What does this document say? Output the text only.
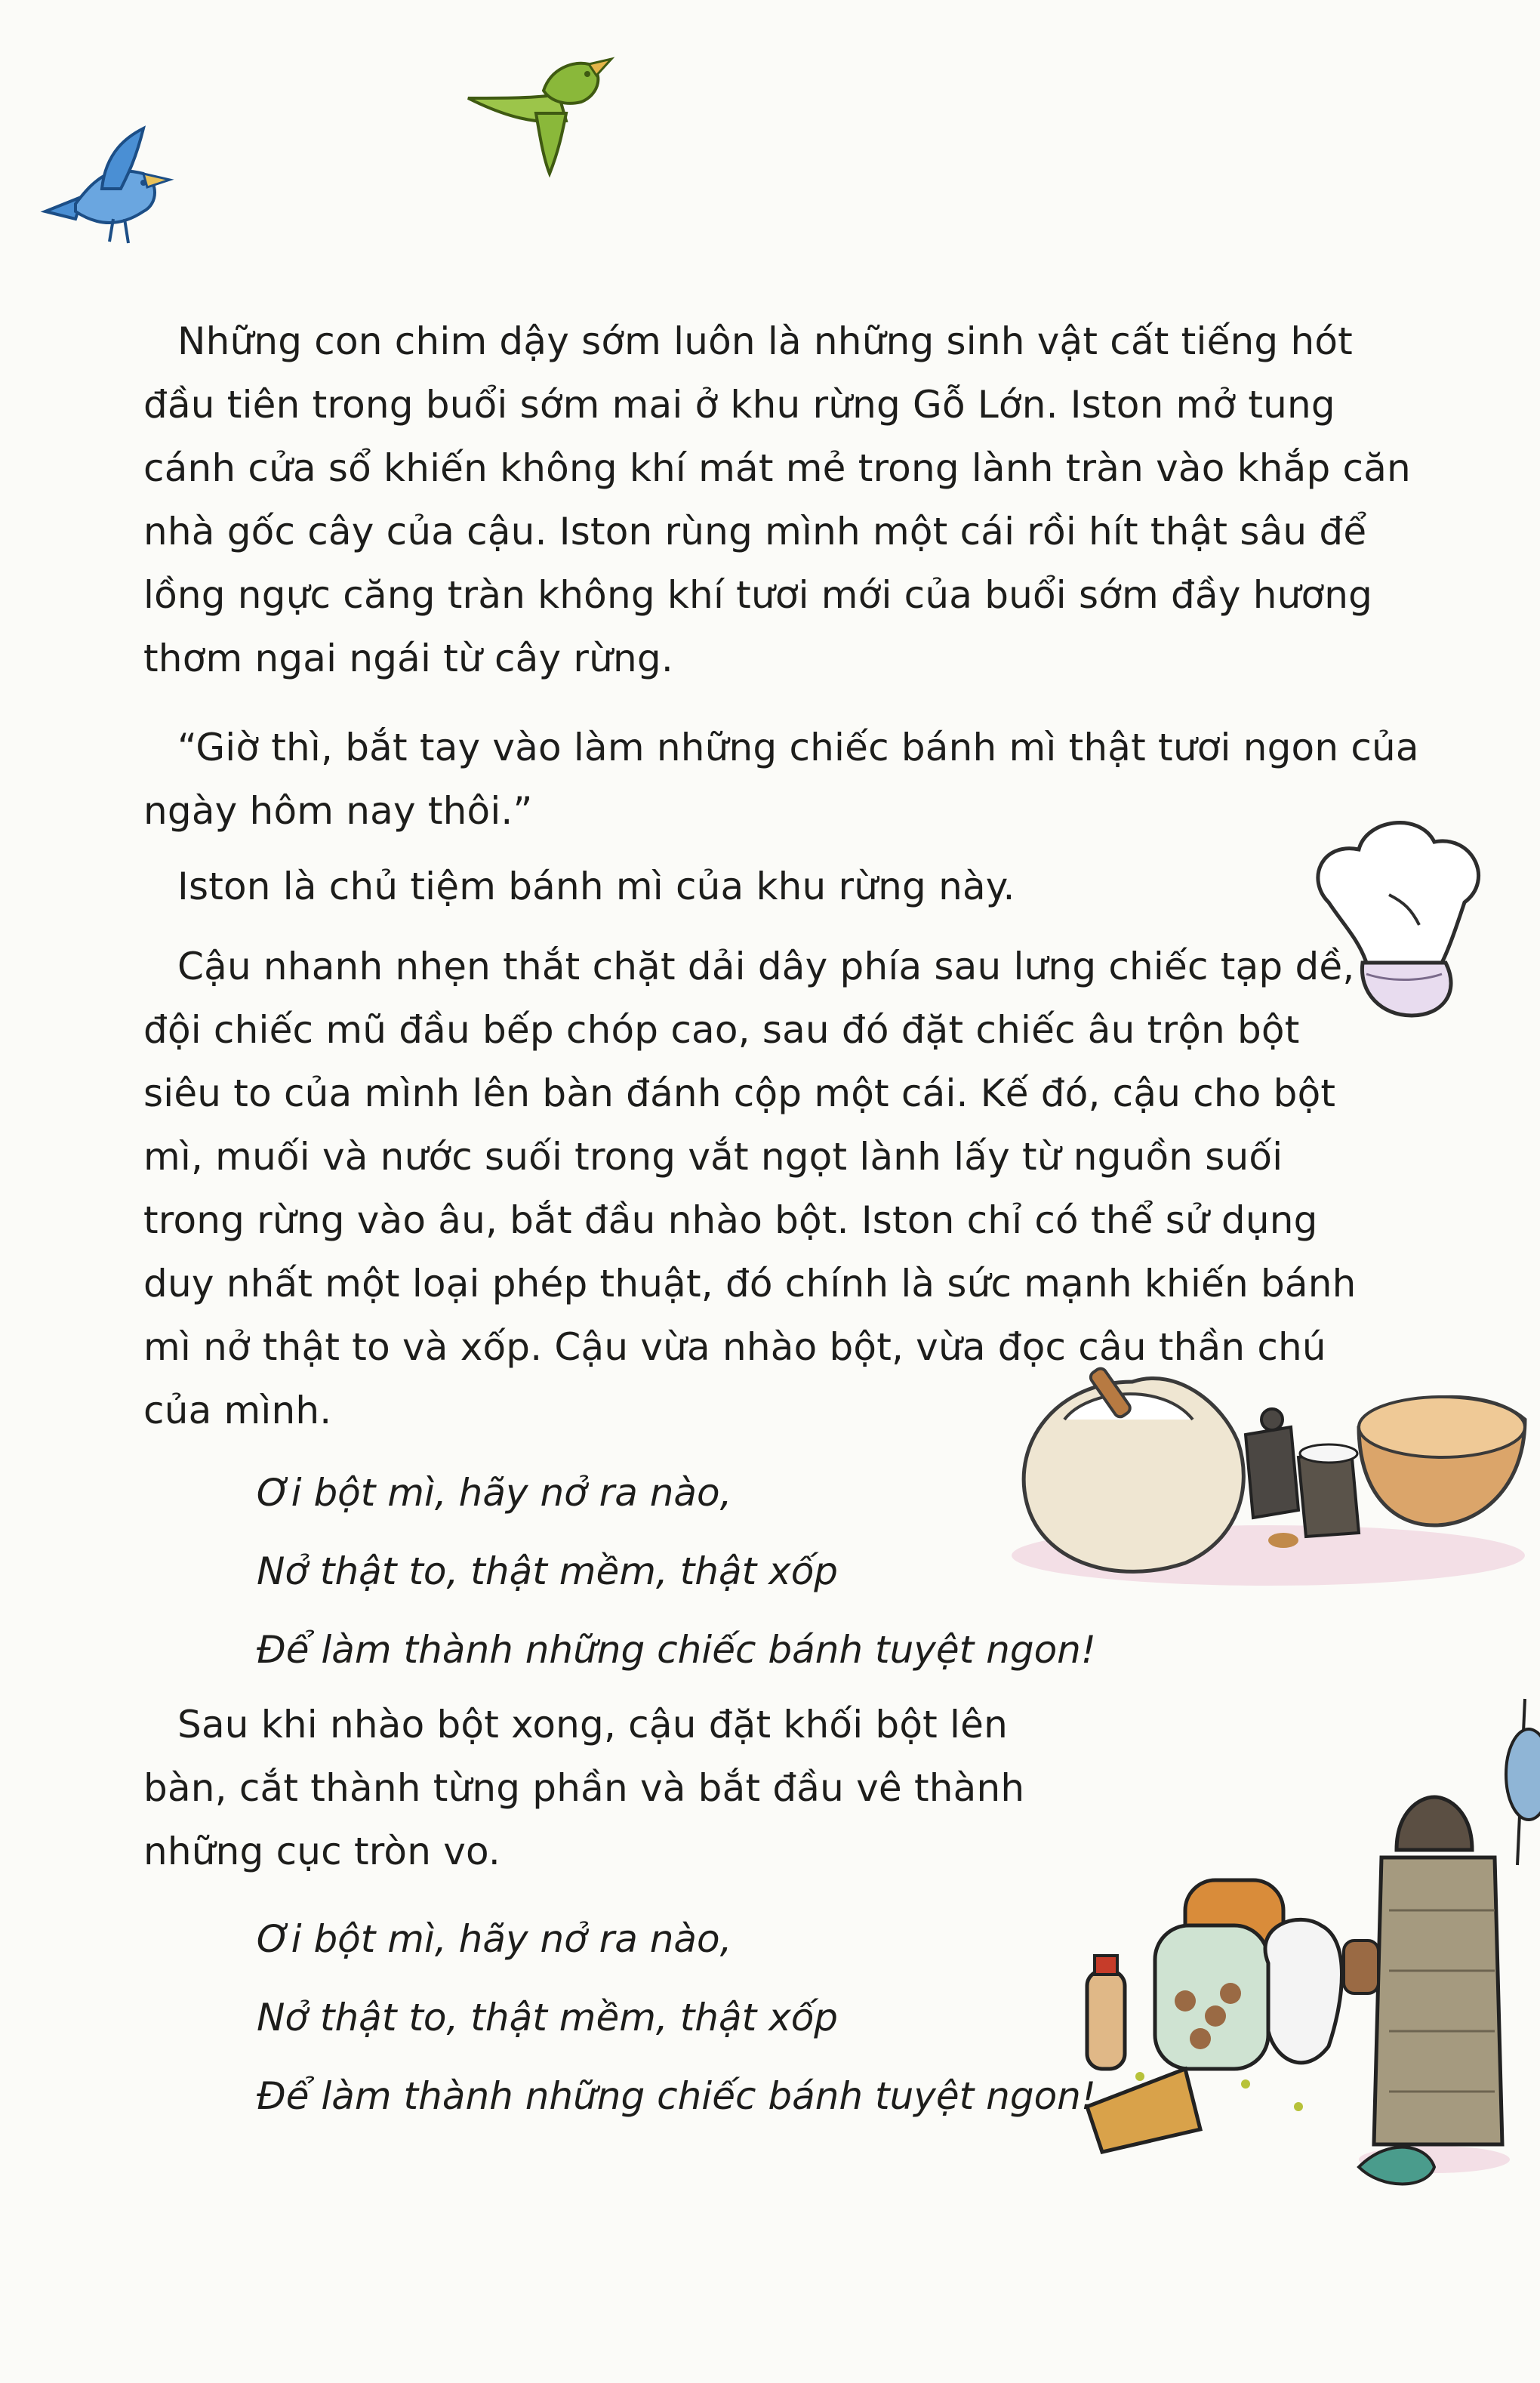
Những con chim dậy sớm luôn là những sinh vật cất tiếng hót đầu tiên trong buổi sớm mai ở khu rừng Gỗ Lớn. Iston mở tung cánh cửa sổ khiến không khí mát mẻ trong lành tràn vào khắp căn nhà gốc cây của cậu. Iston rùng mình một cái rồi hít thật sâu để lồng ngực căng tràn không khí tươi mới của buổi sớm đầy hương thơm ngai ngái từ cây rừng.

“Giờ thì, bắt tay vào làm những chiếc bánh mì thật tươi ngon của ngày hôm nay thôi.”

Iston là chủ tiệm bánh mì của khu rừng này.

Cậu nhanh nhẹn thắt chặt dải dây phía sau lưng chiếc tạp dề, đội chiếc mũ đầu bếp chóp cao, sau đó đặt chiếc âu trộn bột siêu to của mình lên bàn đánh cộp một cái. Kế đó, cậu cho bột mì, muối và nước suối trong vắt ngọt lành lấy từ nguồn suối trong rừng vào âu, bắt đầu nhào bột. Iston chỉ có thể sử dụng duy nhất một loại phép thuật, đó chính là sức mạnh khiến bánh mì nở thật to và xốp. Cậu vừa nhào bột, vừa đọc câu thần chú của mình.

Ơi bột mì, hãy nở ra nào,
Nở thật to, thật mềm, thật xốp
Để làm thành những chiếc bánh tuyệt ngon!

Sau khi nhào bột xong, cậu đặt khối bột lên bàn, cắt thành từng phần và bắt đầu vê thành những cục tròn vo.

Ơi bột mì, hãy nở ra nào,
Nở thật to, thật mềm, thật xốp
Để làm thành những chiếc bánh tuyệt ngon!
